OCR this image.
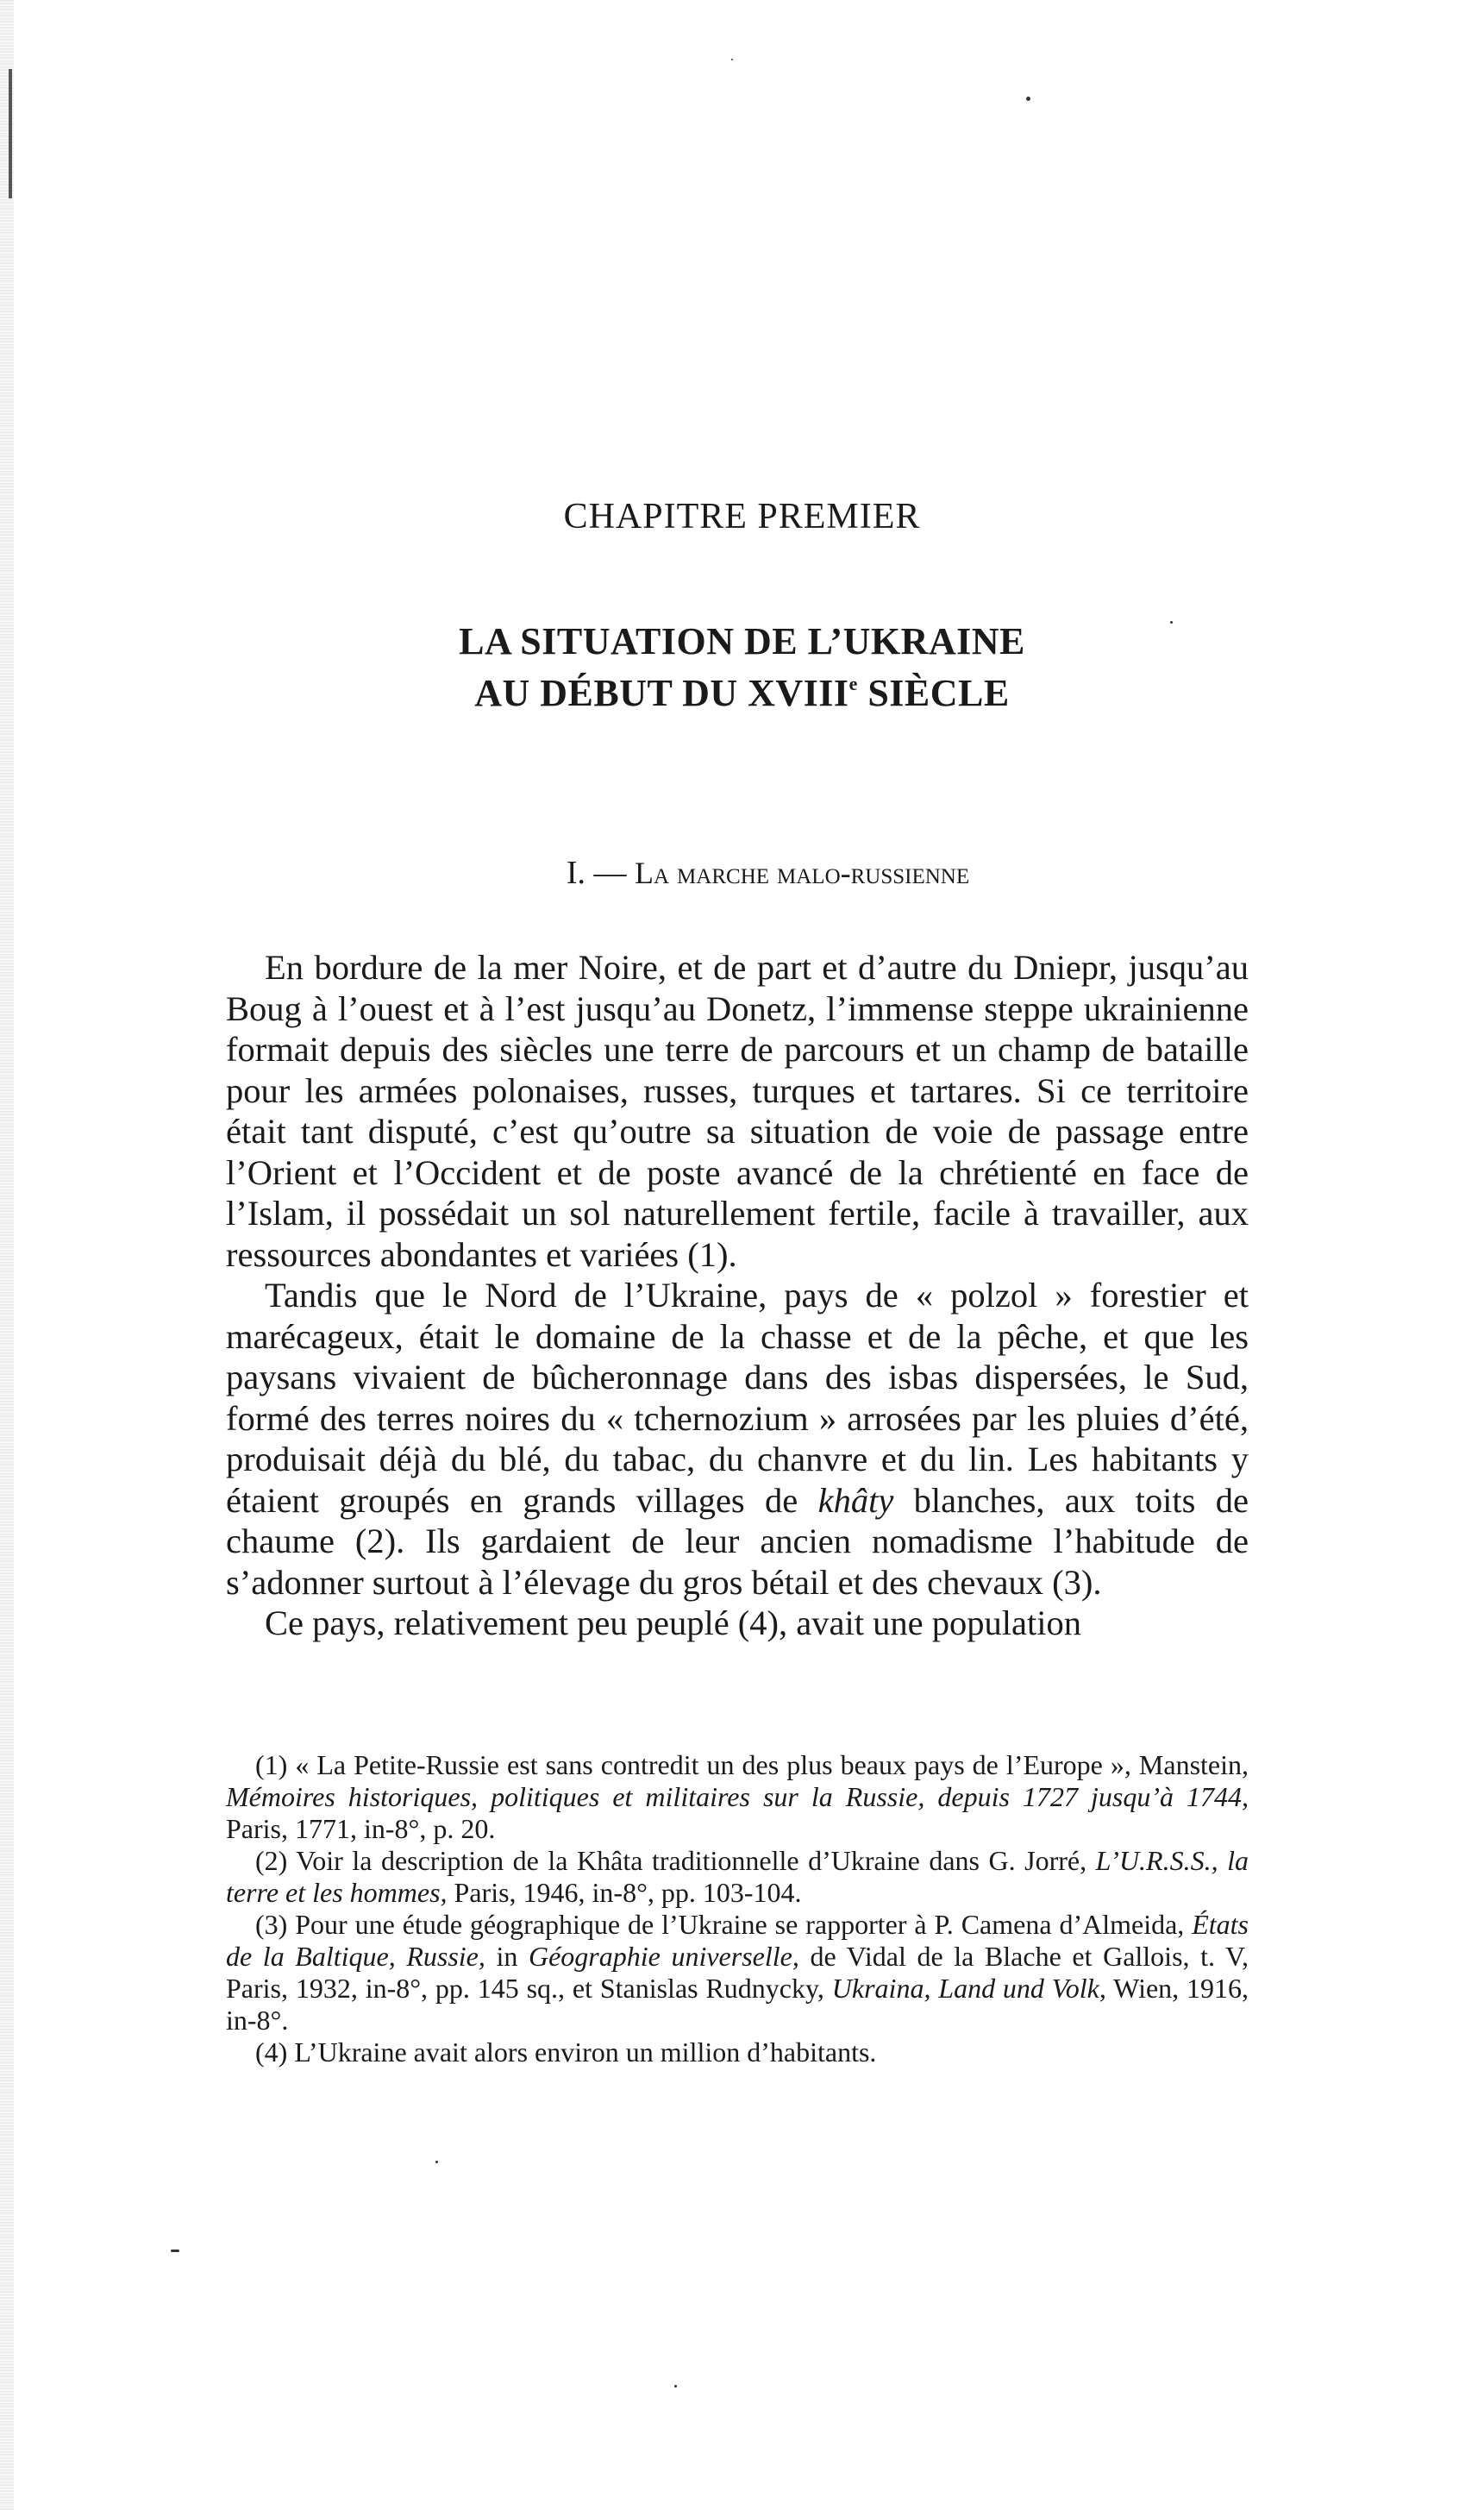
CHAPITRE PREMIER
LA SITUATION DE L’UKRAINE
AU DÉBUT DU XVIIIe SIÈCLE
I. — La marche malo-russienne

En bordure de la mer Noire, et de part et d’autre du Dniepr, jusqu’au Boug à l’ouest et à l’est jusqu’au Donetz, l’immense steppe ukrainienne formait depuis des siècles une terre de parcours et un champ de bataille pour les armées polonaises, russes, turques et tartares. Si ce territoire était tant disputé, c’est qu’outre sa situation de voie de passage entre l’Orient et l’Occident et de poste avancé de la chrétienté en face de l’Islam, il possédait un sol naturellement fertile, facile à travailler, aux ressources abondantes et variées (1).

Tandis que le Nord de l’Ukraine, pays de « polzol » forestier et marécageux, était le domaine de la chasse et de la pêche, et que les paysans vivaient de bûcheronnage dans des isbas dispersées, le Sud, formé des terres noires du « tchernozium » arrosées par les pluies d’été, produisait déjà du blé, du tabac, du chanvre et du lin. Les habitants y étaient groupés en grands villages de khâty blanches, aux toits de chaume (2). Ils gardaient de leur ancien nomadisme l’habitude de s’adonner surtout à l’élevage du gros bétail et des chevaux (3).

Ce pays, relativement peu peuplé (4), avait une population

(1) « La Petite-Russie est sans contredit un des plus beaux pays de l’Europe », Manstein, Mémoires historiques, politiques et militaires sur la Russie, depuis 1727 jusqu’à 1744, Paris, 1771, in-8°, p. 20.

(2) Voir la description de la Khâta traditionnelle d’Ukraine dans G. Jorré, L’U.R.S.S., la terre et les hommes, Paris, 1946, in-8°, pp. 103-104.

(3) Pour une étude géographique de l’Ukraine se rapporter à P. Camena d’Almeida, États de la Baltique, Russie, in Géographie universelle, de Vidal de la Blache et Gallois, t. V, Paris, 1932, in-8°, pp. 145 sq., et Stanislas Rudnycky, Ukraina, Land und Volk, Wien, 1916, in-8°.

(4) L’Ukraine avait alors environ un million d’habitants.
